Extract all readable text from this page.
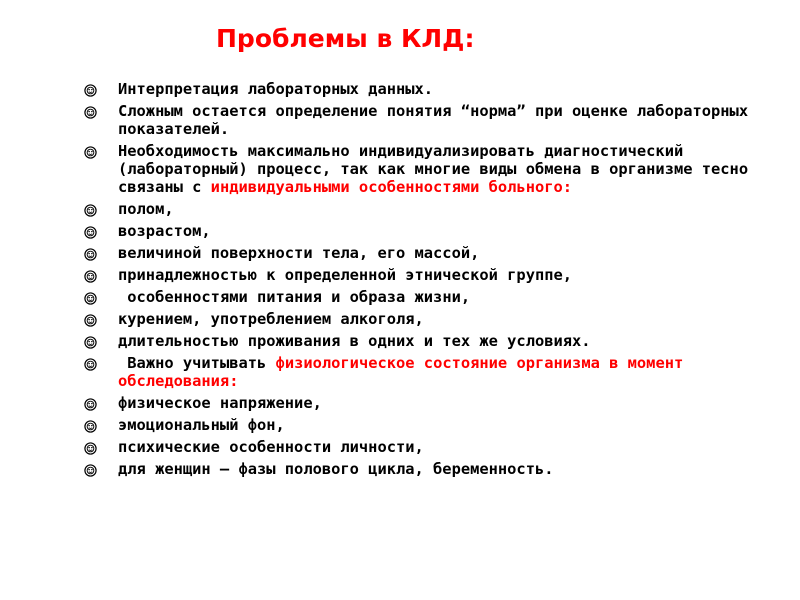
Проблемы в КЛД:
Интерпретация лабораторных данных.
Сложным остается определение понятия “норма” при оценке лабораторных показателей.
Необходимость максимально индивидуализировать диагностический (лабораторный) процесс, так как многие виды обмена в организме тесно связаны с индивидуальными особенностями больного:
полом,
возрастом,
величиной поверхности тела, его массой,
принадлежностью к определенной этнической группе,
особенностями питания и образа жизни,
курением, употреблением алкоголя,
длительностью проживания в одних и тех же условиях.
Важно учитывать физиологическое состояние организма в момент обследования:
физическое напряжение,
эмоциональный фон,
психические особенности личности,
для женщин – фазы полового цикла, беременность.
